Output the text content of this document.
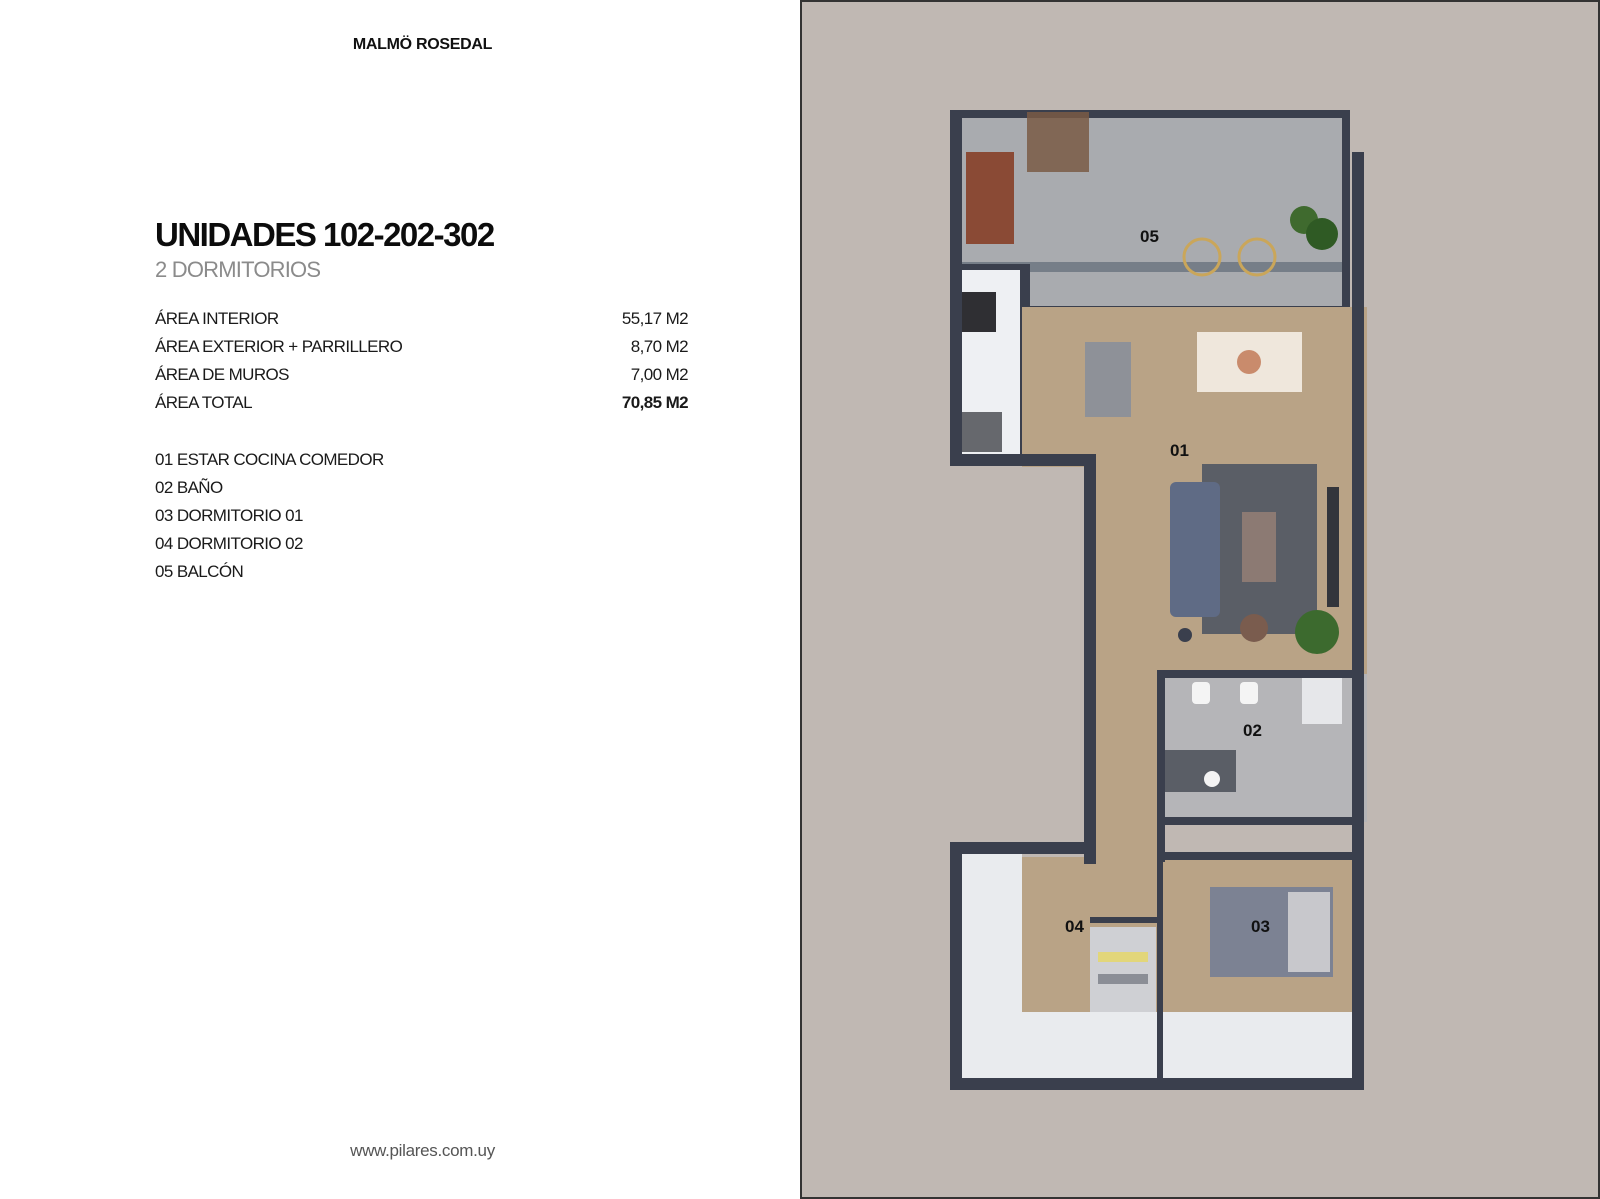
MALMÖ ROSEDAL
UNIDADES 102-202-302
2 DORMITORIOS
ÁREA INTERIOR	55,17 M2
ÁREA EXTERIOR + PARRILLERO	8,70 M2
ÁREA DE MUROS	7,00 M2
ÁREA TOTAL	70,85 M2
01 ESTAR COCINA COMEDOR
02 BAÑO
03 DORMITORIO 01
04 DORMITORIO 02
05 BALCÓN
www.pilares.com.uy
05
01
02
03
04
